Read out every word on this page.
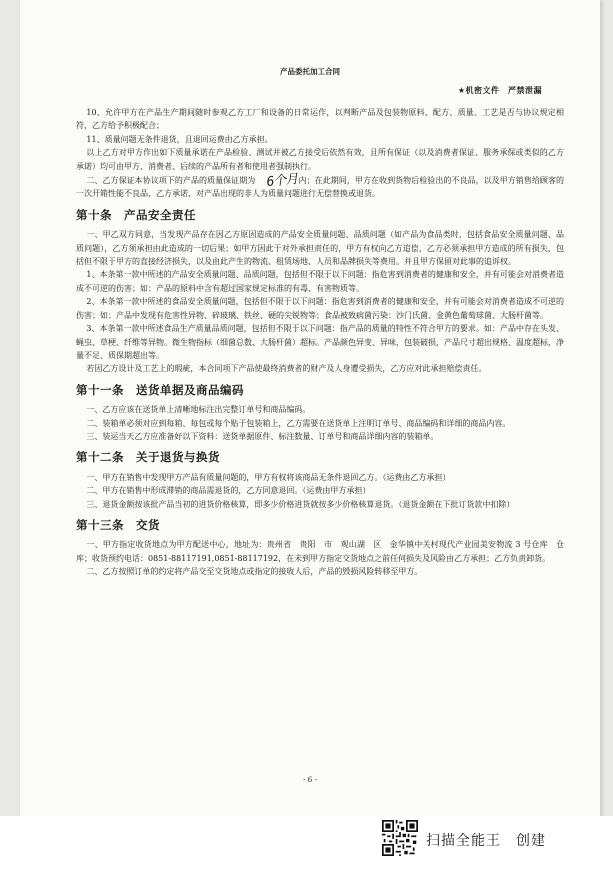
产品委托加工合同
★机密文件　严禁泄漏

10、允许甲方在产品生产期间随时参观乙方工厂和设备的日常运作，以判断产品及包装物原料、配方、质量、工艺是否与协议规定相符，乙方给予积极配合；

11、质量问题无条件退货，且退回运费由乙方承担。

以上乙方对甲方作出如下质量承诺在产品检验、测试并被乙方接受后依然有效，且所有保证（以及消费者保证、服务承保或类似的乙方承诺）均可由甲方、消费者、后续的产品所有者和使用者强制执行。

二、乙方保证本协议项下的产品的质量保证期为 6个月内；在此期间，甲方在收到货物后检验出的不良品，以及甲方销售给顾客的一次开箱性能不良品，乙方承诺，对产品出现的非人为质量问题进行无偿替换或退货。

第十条　产品安全责任

一、甲乙双方同意，当发现产品存在因乙方原因造成的产品安全质量问题、品质问题（如产品为食品类时，包括食品安全质量问题、品质问题），乙方须承担由此造成的一切后果；如甲方因此于对外承担责任的，甲方有权向乙方追偿，乙方必须承担甲方造成的所有损失，包括但不限于甲方的直接经济损失，以及由此产生的物流、租赁场地、人员和品牌损失等费用。并且甲方保留对此事的追诉权。

1、本条第一款中所述的产品安全质量问题、品质问题，包括但不限于以下问题：指危害到消费者的健康和安全，并有可能会对消费者造成不可逆的伤害；如：产品的原料中含有超过国家规定标准的有毒、有害物质等。

2、本条第一款中所述的食品安全质量问题，包括但不限于以下问题：指危害到消费者的健康和安全，并有可能会对消费者造成不可逆的伤害；如：产品中发现有危害性异物、碎玻璃、铁丝、硬的尖锐物等；食品被致病菌污染：沙门氏菌、金黄色葡萄球菌、大肠杆菌等。

3、本条第一款中所述食品生产质量品质问题，包括但不限于以下问题：指产品的质量的特性不符合甲方的要求。如：产品中存在头发、蝇虫、草梗、纤维等异物。微生物指标（细菌总数、大肠杆菌）超标。产品颜色异变、异味，包装破损，产品尺寸超出规格、温度超标，净量不足、质保期超出等。

若因乙方设计及工艺上的瑕疵，本合同项下产品使最终消费者的财产及人身遭受损失，乙方应对此承担赔偿责任。

第十一条　送货单据及商品编码

一、乙方应该在送货单上清晰地标注出完整订单号和商品编码。

二、装箱单必须对应到每箱、每包或每个贴于包装箱上，乙方需要在送货单上注明订单号、商品编码和详细的商品内容。

三、装运当天乙方应准备好以下资料：送货单据原件、标注数量、订单号和商品详细内容的装箱单。

第十二条　关于退货与换货

一、甲方在销售中发现甲方产品有质量问题的，甲方有权将该商品无条件退回乙方。（运费由乙方承担）

二、甲方在销售中形成滞销的商品需退货的，乙方同意退回。（运费由甲方承担）

三、退货金额按该批产品当初的进货价格核算，即多少价格进货就按多少价格核算退货。（退货金额在下批订货款中扣除）

第十三条　交货

一、甲方指定收货地点为甲方配送中心，地址为：贵州省　贵阳　市　观山湖　区　金华镇中关村现代产业园美安物流 3 号仓库　仓库；收货预约电话：0851-88117191,0851-88117192，在未到甲方指定交货地点之前任何损失及风险由乙方承担；乙方负责卸货。

二、乙方按照订单的约定将产品交至交货地点或指定的接收人后，产品的毁损风险转移至甲方。

- 6 -
扫描全能王　创建
